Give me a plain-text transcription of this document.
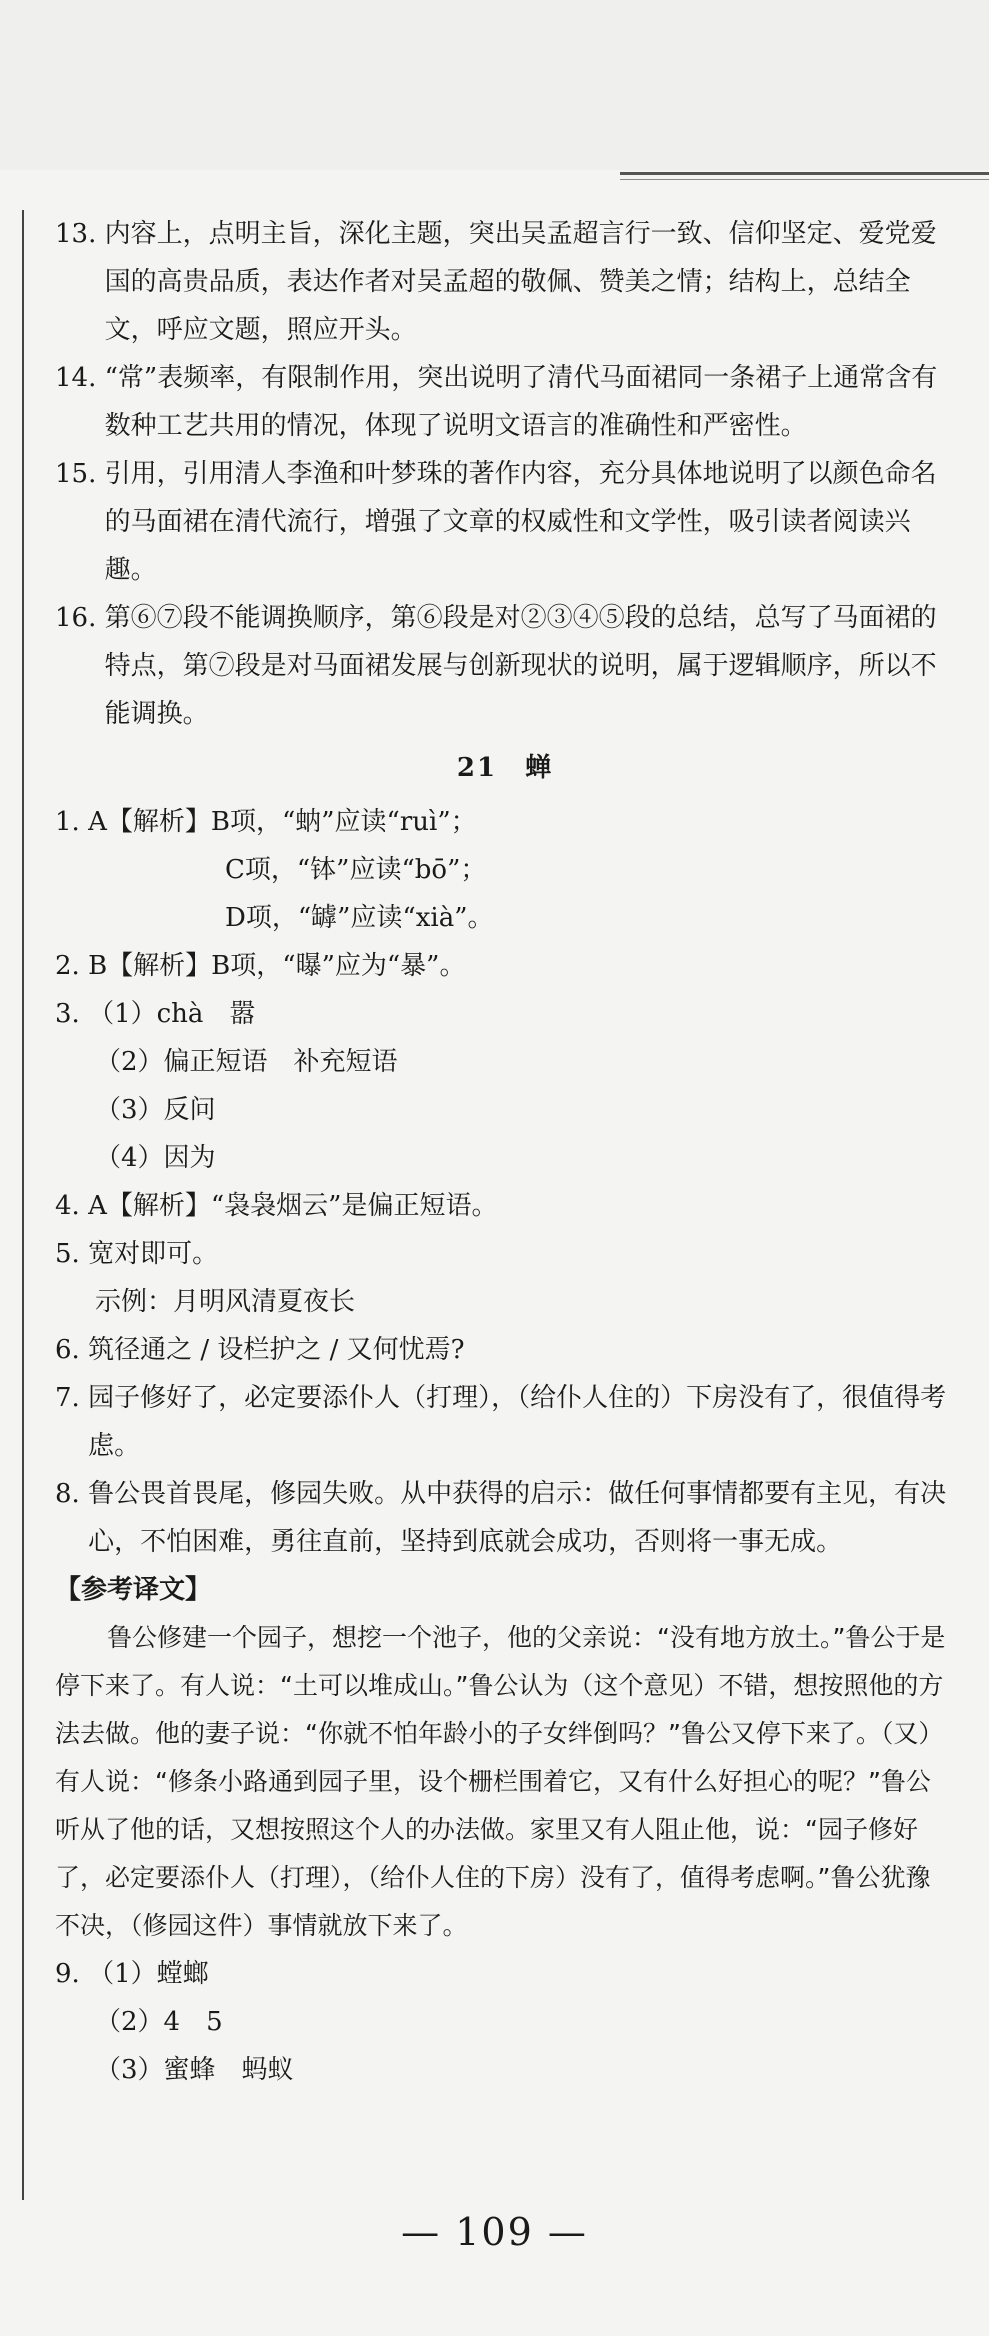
13. 内容上，点明主旨，深化主题，突出吴孟超言行一致、信仰坚定、爱党爱国的高贵品质，表达作者对吴孟超的敬佩、赞美之情；结构上，总结全文，呼应文题，照应开头。
14. “常”表频率，有限制作用，突出说明了清代马面裙同一条裙子上通常含有数种工艺共用的情况，体现了说明文语言的准确性和严密性。
15. 引用，引用清人李渔和叶梦珠的著作内容，充分具体地说明了以颜色命名的马面裙在清代流行，增强了文章的权威性和文学性，吸引读者阅读兴趣。
16. 第⑥⑦段不能调换顺序，第⑥段是对②③④⑤段的总结，总写了马面裙的特点，第⑦段是对马面裙发展与创新现状的说明，属于逻辑顺序，所以不能调换。
21　蝉
1. A【解析】B项，“蚋”应读“ruì”；
C项，“钵”应读“bō”；
D项，“罅”应读“xià”。
2. B【解析】B项，“曝”应为“暴”。
3. （1）chà　嚣
（2）偏正短语　补充短语
（3）反问
（4）因为
4. A【解析】“袅袅烟云”是偏正短语。
5. 宽对即可。
示例：月明风清夏夜长
6. 筑径通之 / 设栏护之 / 又何忧焉?
7. 园子修好了，必定要添仆人（打理），（给仆人住的）下房没有了，很值得考虑。
8. 鲁公畏首畏尾，修园失败。从中获得的启示：做任何事情都要有主见，有决心，不怕困难，勇往直前，坚持到底就会成功，否则将一事无成。
【参考译文】
鲁公修建一个园子，想挖一个池子，他的父亲说：“没有地方放土。”鲁公于是停下来了。有人说：“土可以堆成山。”鲁公认为（这个意见）不错，想按照他的方法去做。他的妻子说：“你就不怕年龄小的子女绊倒吗？”鲁公又停下来了。（又）有人说：“修条小路通到园子里，设个栅栏围着它，又有什么好担心的呢？”鲁公听从了他的话，又想按照这个人的办法做。家里又有人阻止他，说：“园子修好了，必定要添仆人（打理），（给仆人住的下房）没有了，值得考虑啊。”鲁公犹豫不决，（修园这件）事情就放下来了。
9. （1）螳螂
（2）4　5
（3）蜜蜂　蚂蚁
— 109 —
